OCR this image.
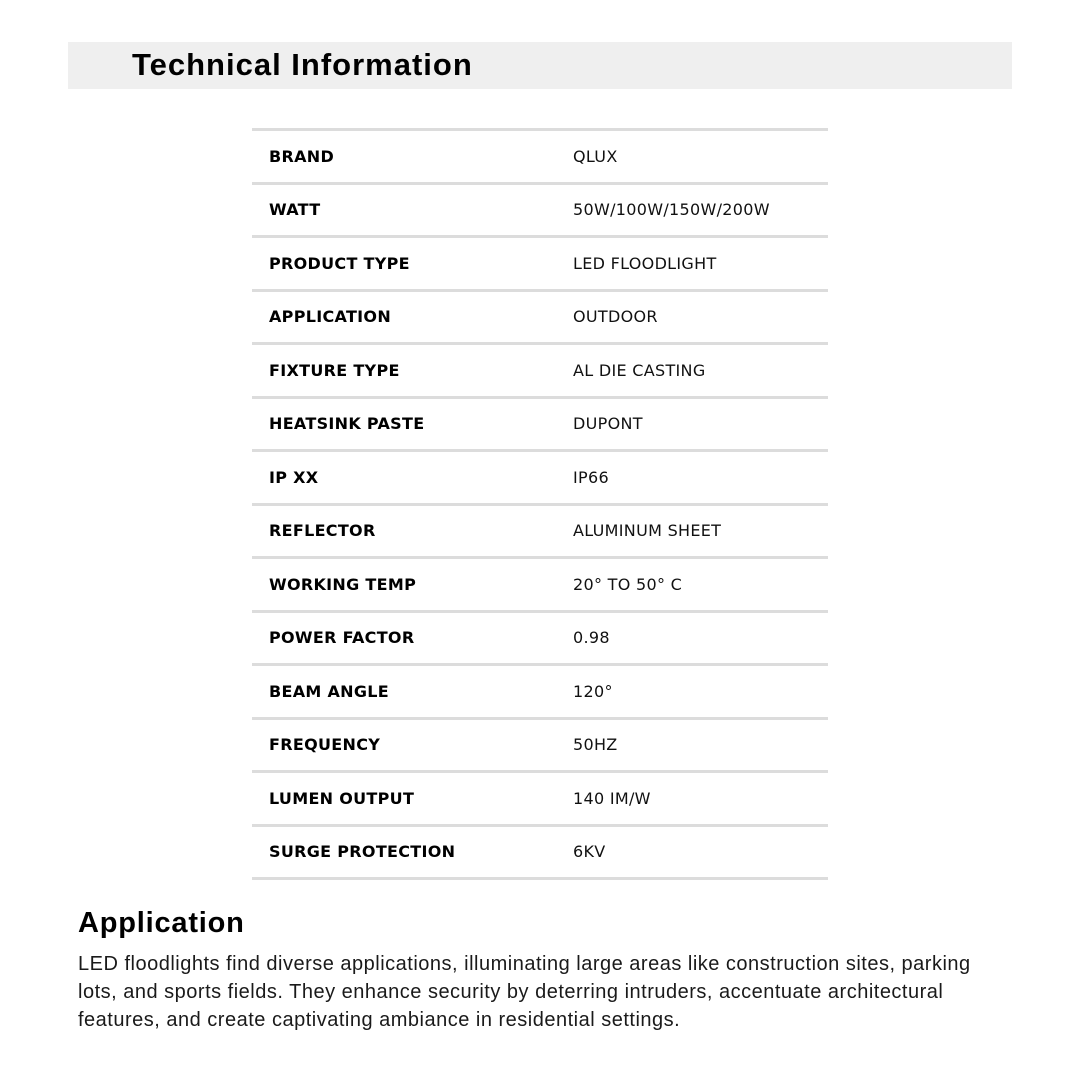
Technical Information
BRAND	QLUX
WATT	50W/100W/150W/200W
PRODUCT TYPE	LED FLOODLIGHT
APPLICATION	OUTDOOR
FIXTURE TYPE	AL DIE CASTING
HEATSINK PASTE	DUPONT
IP XX	IP66
REFLECTOR	ALUMINUM SHEET
WORKING TEMP	20° TO 50° C
POWER FACTOR	0.98
BEAM ANGLE	120°
FREQUENCY	50HZ
LUMEN OUTPUT	140 IM/W
SURGE PROTECTION	6KV
Application

LED floodlights find diverse applications, illuminating large areas like construction sites, parking lots, and sports fields. They enhance security by deterring intruders, accentuate architectural features, and create captivating ambiance in residential settings.
